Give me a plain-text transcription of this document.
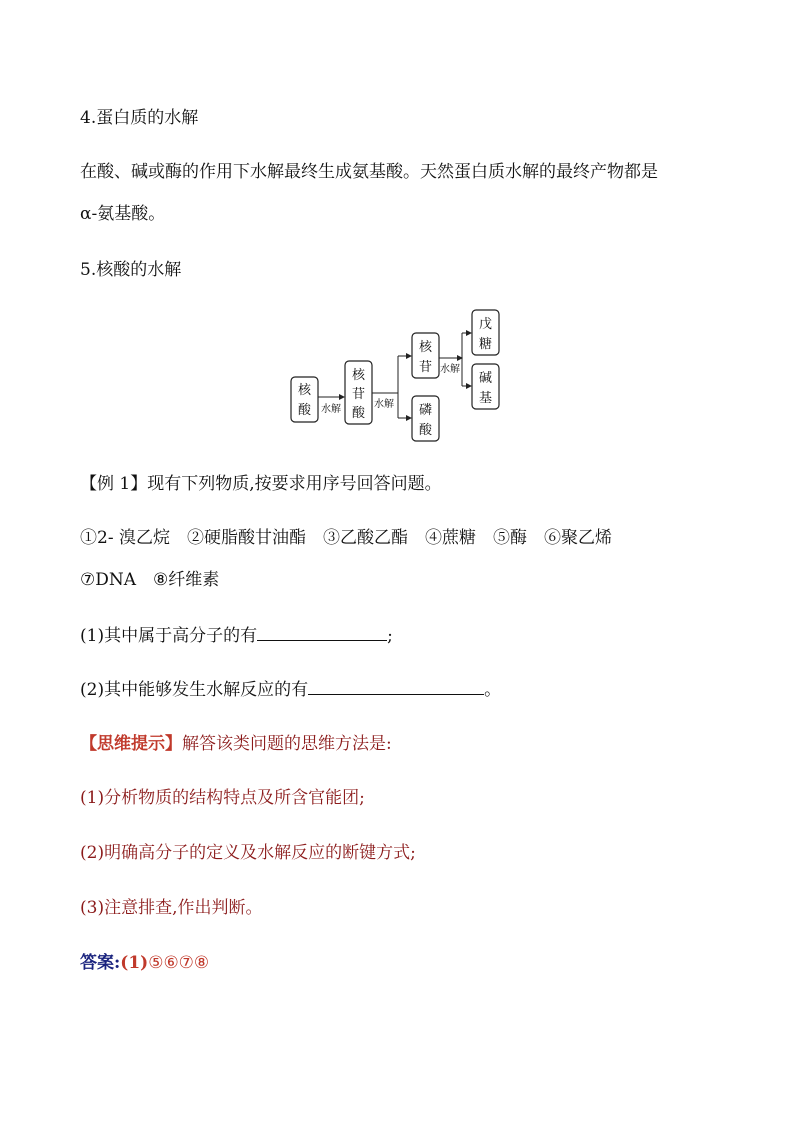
4.蛋白质的水解
在酸、碱或酶的作用下水解最终生成氨基酸。天然蛋白质水解的最终产物都是
α-氨基酸。
5.核酸的水解
核
酸 水解
核
苷
酸
水解
核
苷
磷
酸
水解
戊
糖
碱
基
【例 1】现有下列物质,按要求用序号回答问题。
①2- 溴乙烷　②硬脂酸甘油酯　③乙酸乙酯　④蔗糖　⑤酶　⑥聚乙烯
⑦DNA　⑧纤维素
(1)其中属于高分子的有	;
(2)其中能够发生水解反应的有	。
【思维提示】解答该类问题的思维方法是:
(1)分析物质的结构特点及所含官能团;
(2)明确高分子的定义及水解反应的断键方式;
(3)注意排查,作出判断。
答案:(1)⑤⑥⑦⑧
